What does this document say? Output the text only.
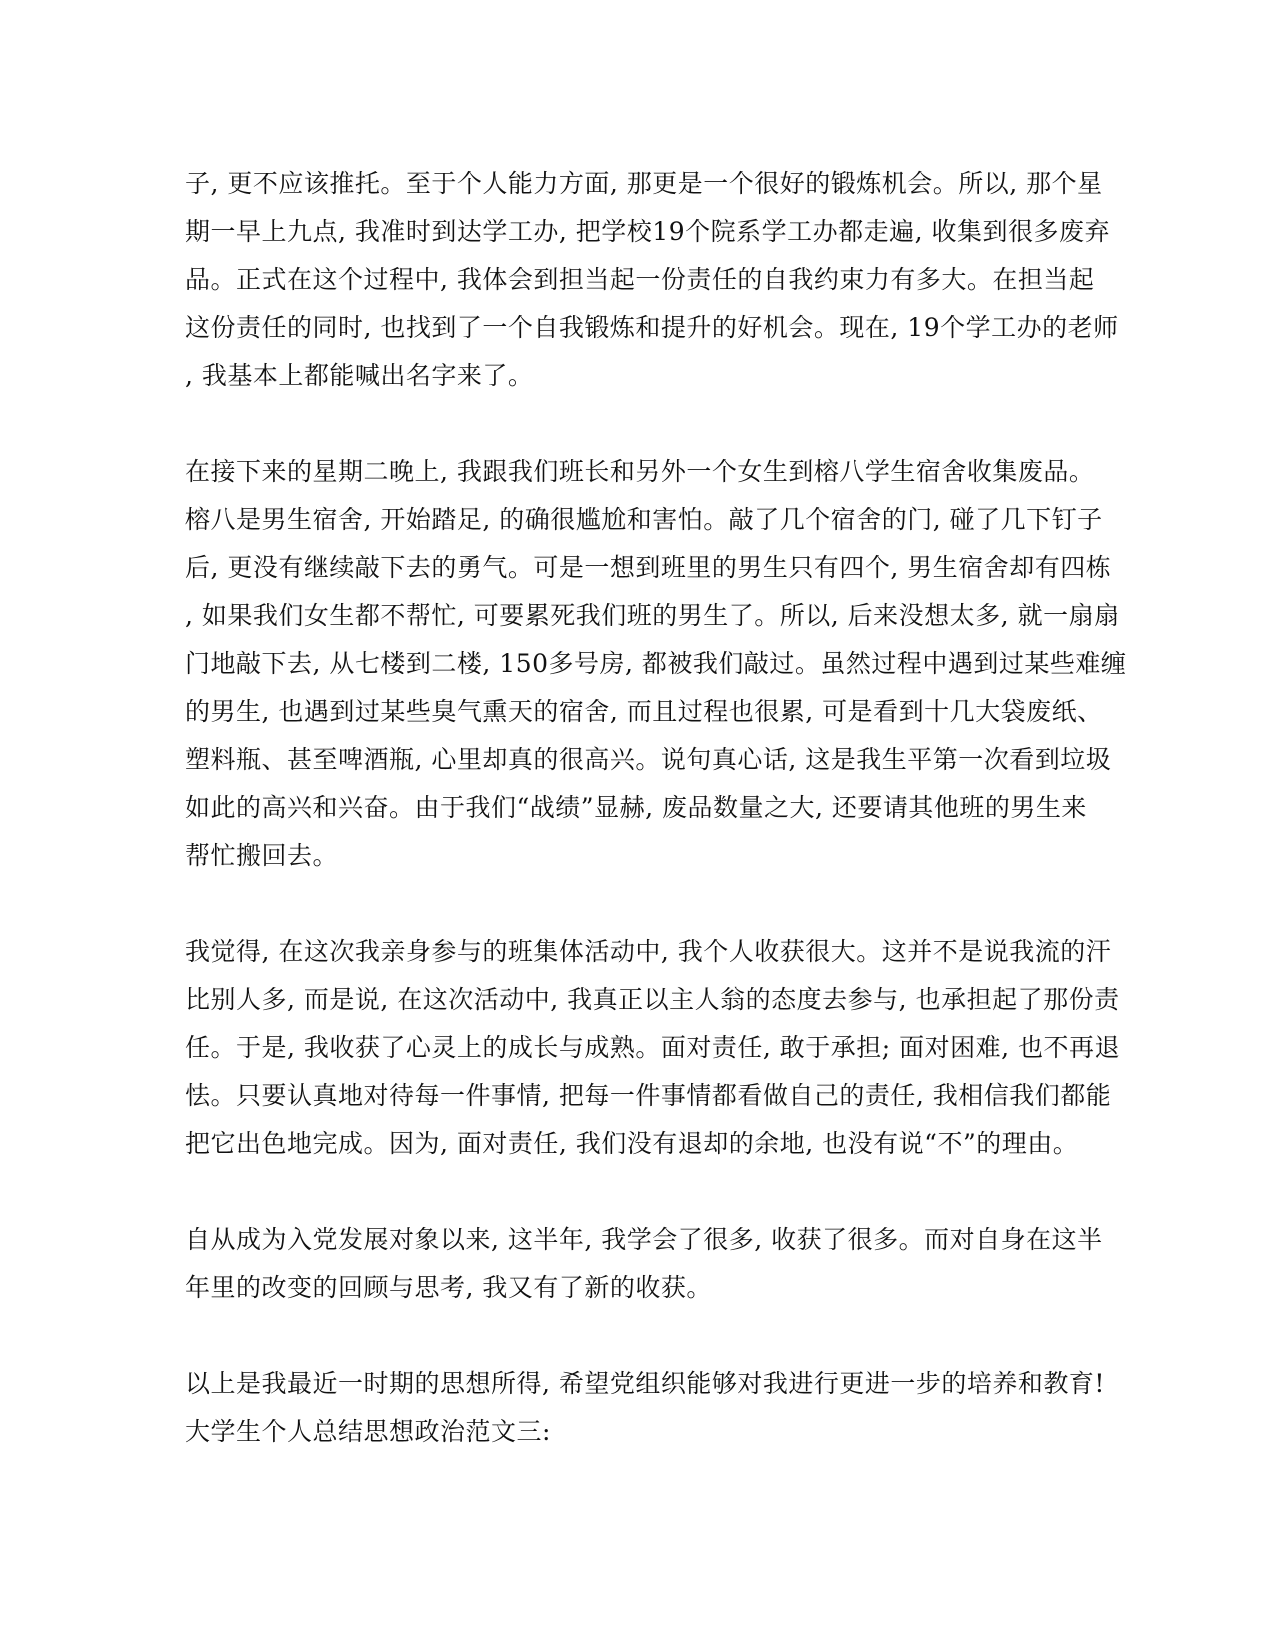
子, 更不应该推托。至于个人能力方面, 那更是一个很好的锻炼机会。所以, 那个星
期一早上九点, 我准时到达学工办, 把学校19个院系学工办都走遍, 收集到很多废弃
品。正式在这个过程中, 我体会到担当起一份责任的自我约束力有多大。在担当起
这份责任的同时, 也找到了一个自我锻炼和提升的好机会。现在, 19个学工办的老师
, 我基本上都能喊出名字来了。
在接下来的星期二晚上, 我跟我们班长和另外一个女生到榕八学生宿舍收集废品。
榕八是男生宿舍, 开始踏足, 的确很尴尬和害怕。敲了几个宿舍的门, 碰了几下钉子
后, 更没有继续敲下去的勇气。可是一想到班里的男生只有四个, 男生宿舍却有四栋
, 如果我们女生都不帮忙, 可要累死我们班的男生了。所以, 后来没想太多, 就一扇扇
门地敲下去, 从七楼到二楼, 150多号房, 都被我们敲过。虽然过程中遇到过某些难缠
的男生, 也遇到过某些臭气熏天的宿舍, 而且过程也很累, 可是看到十几大袋废纸、
塑料瓶、甚至啤酒瓶, 心里却真的很高兴。说句真心话, 这是我生平第一次看到垃圾
如此的高兴和兴奋。由于我们“战绩”显赫, 废品数量之大, 还要请其他班的男生来
帮忙搬回去。
我觉得, 在这次我亲身参与的班集体活动中, 我个人收获很大。这并不是说我流的汗
比别人多, 而是说, 在这次活动中, 我真正以主人翁的态度去参与, 也承担起了那份责
任。于是, 我收获了心灵上的成长与成熟。面对责任, 敢于承担; 面对困难, 也不再退
怯。只要认真地对待每一件事情, 把每一件事情都看做自己的责任, 我相信我们都能
把它出色地完成。因为, 面对责任, 我们没有退却的余地, 也没有说“不”的理由。
自从成为入党发展对象以来, 这半年, 我学会了很多, 收获了很多。而对自身在这半
年里的改变的回顾与思考, 我又有了新的收获。
以上是我最近一时期的思想所得, 希望党组织能够对我进行更进一步的培养和教育!
大学生个人总结思想政治范文三:
